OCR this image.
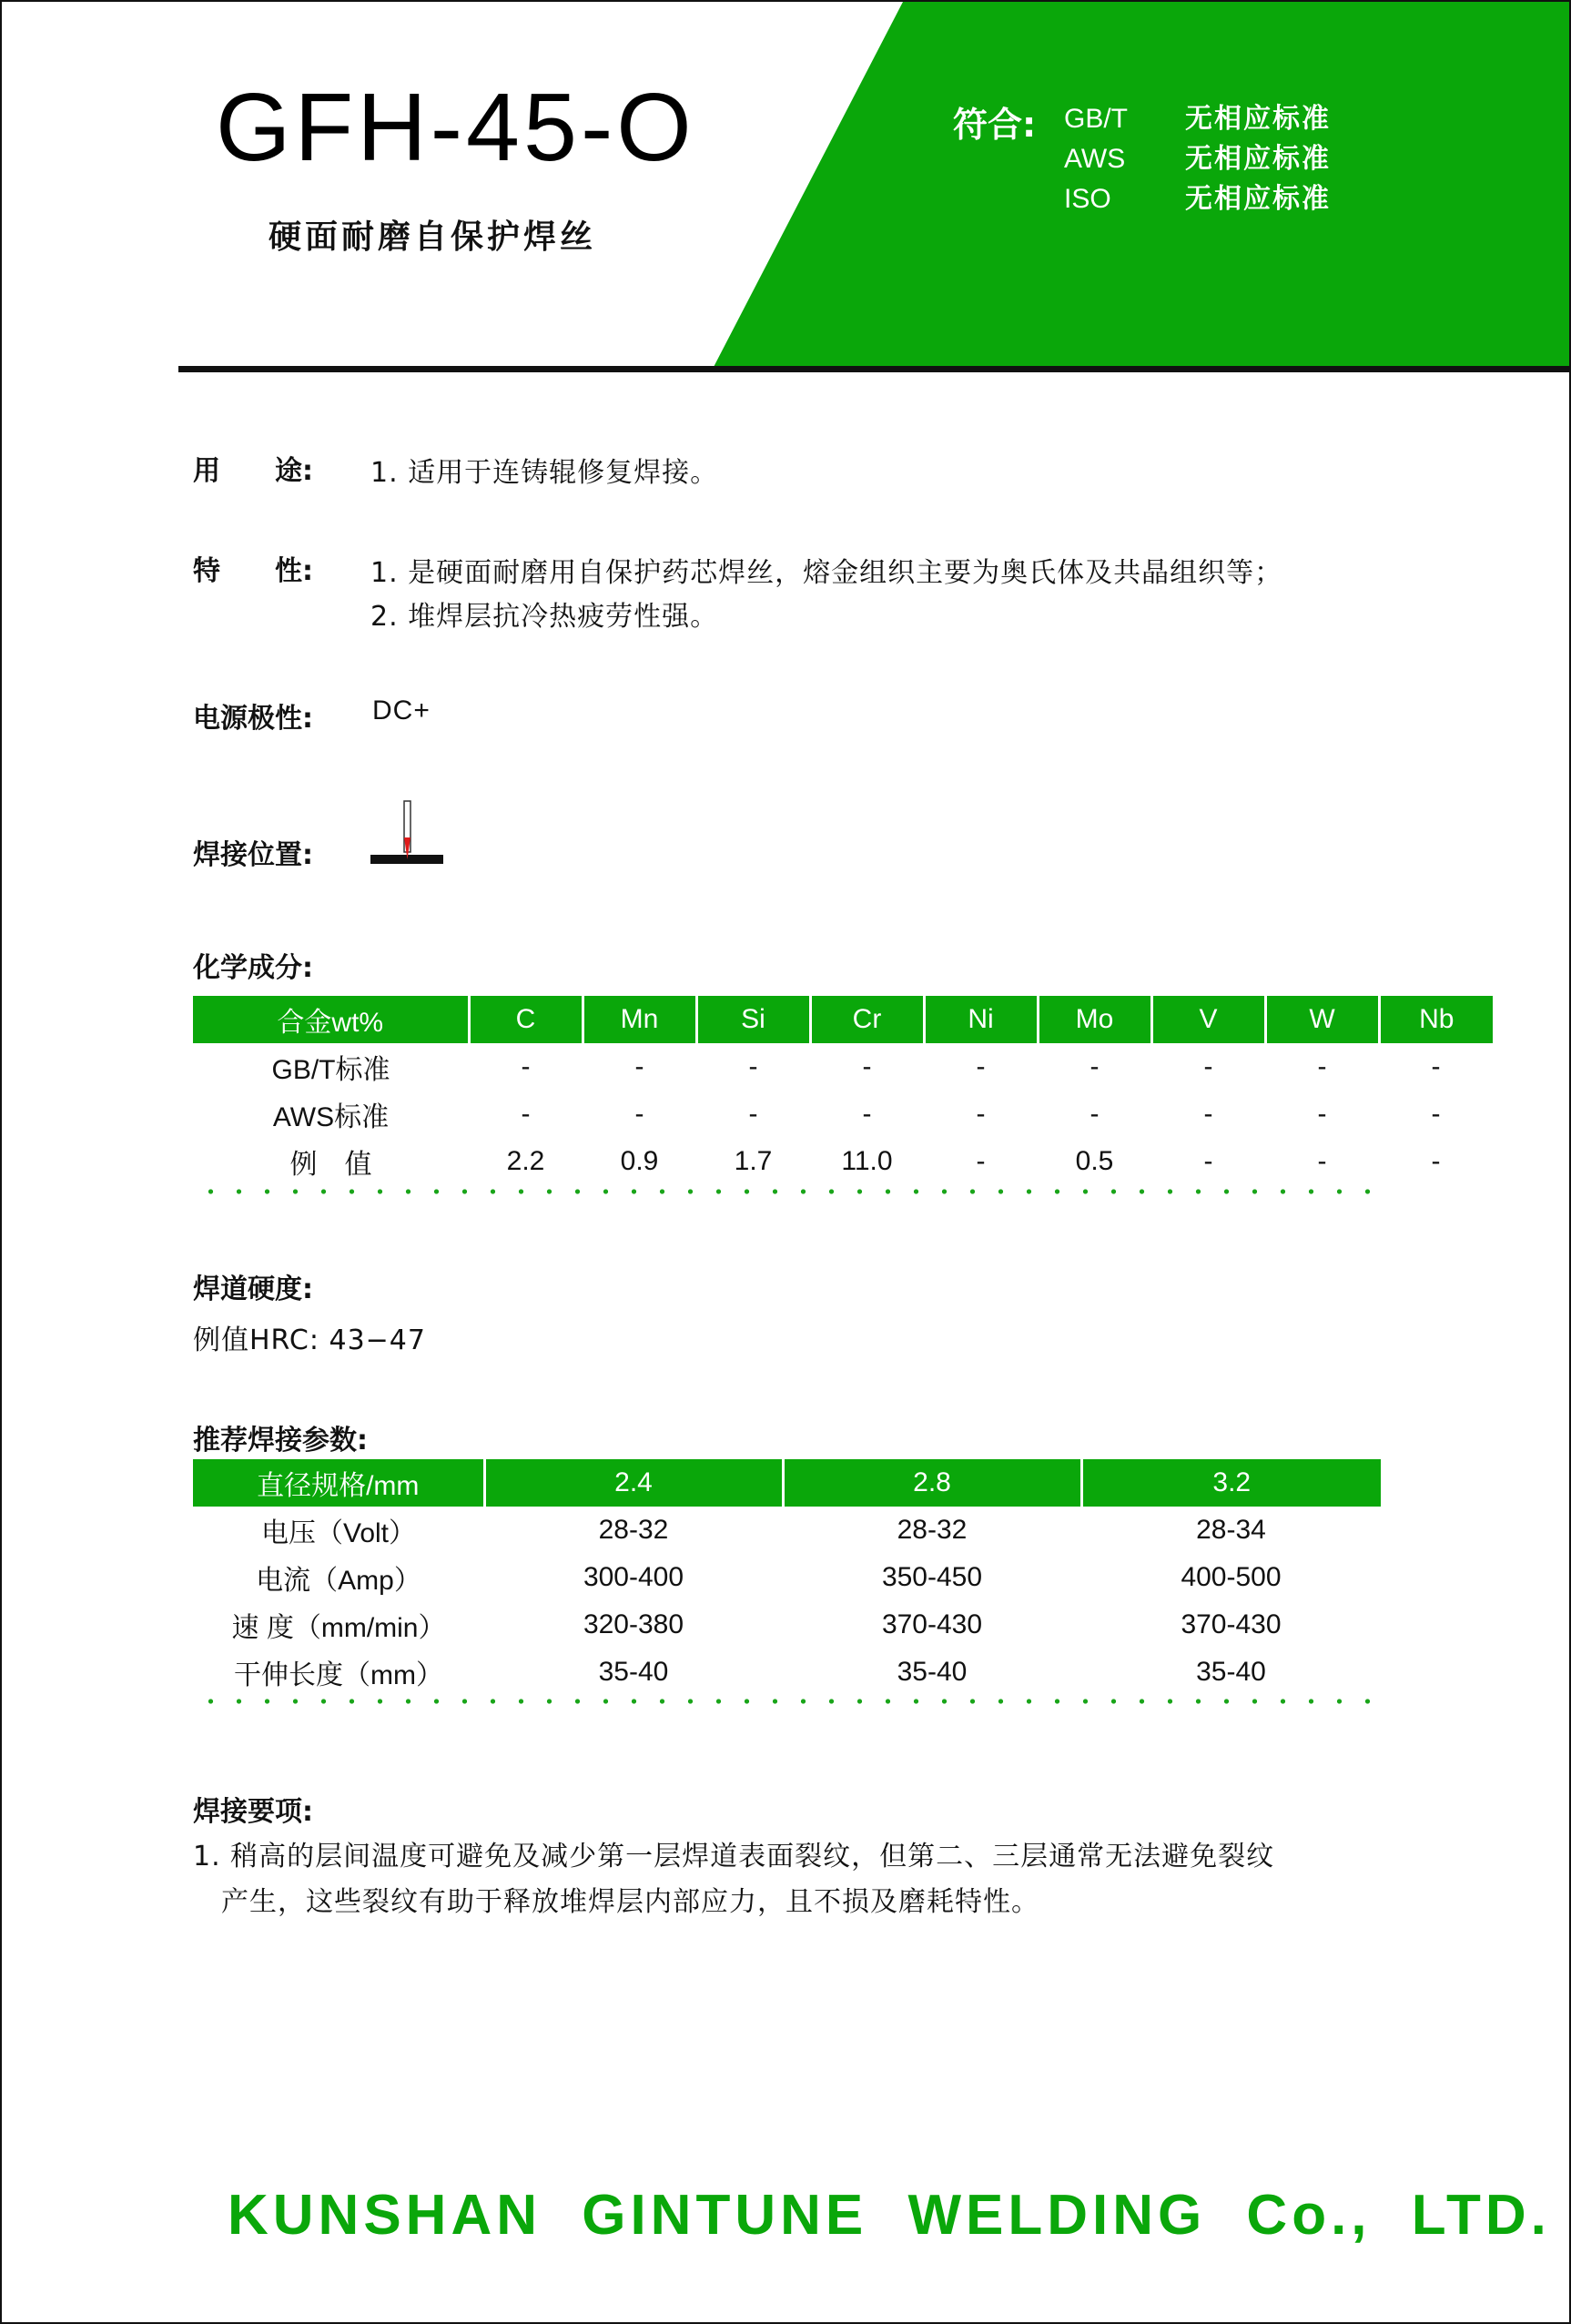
GFH-45-O
硬面耐磨自保护焊丝
符合: GB/T 无相应标准
AWS 无相应标准
ISO	无相应标准
用　　途: 1. 适用于连铸辊修复焊接。
特　　性: 1. 是硬面耐磨用自保护药芯焊丝，熔金组织主要为奥氏体及共晶组织等；
2. 堆焊层抗冷热疲劳性强。
电源极性: DC+
焊接位置:
化学成分:
合金wt%	C	Mn	Si	Cr	Ni	Mo	V	W	Nb
GB/T标准	-	-	-	-	-	-	-	-	-
AWS标准	-	-	-	-	-	-	-	-	-
例　值	2.2	0.9	1.7	11.0	-	0.5	-	-	-
焊道硬度:
例值HRC: 43−47
推荐焊接参数:
直径规格/mm	2.4	2.8	3.2
电压（Volt）	28-32	28-32	28-34
电流（Amp）	300-400	350-450	400-500
速 度（mm/min）	320-380	370-430	370-430
干伸长度（mm）	35-40	35-40	35-40
焊接要项:
1. 稍高的层间温度可避免及减少第一层焊道表面裂纹，但第二、三层通常无法避免裂纹
　产生，这些裂纹有助于释放堆焊层内部应力，且不损及磨耗特性。
KUNSHAN GINTUNE WELDING Co., LTD.
